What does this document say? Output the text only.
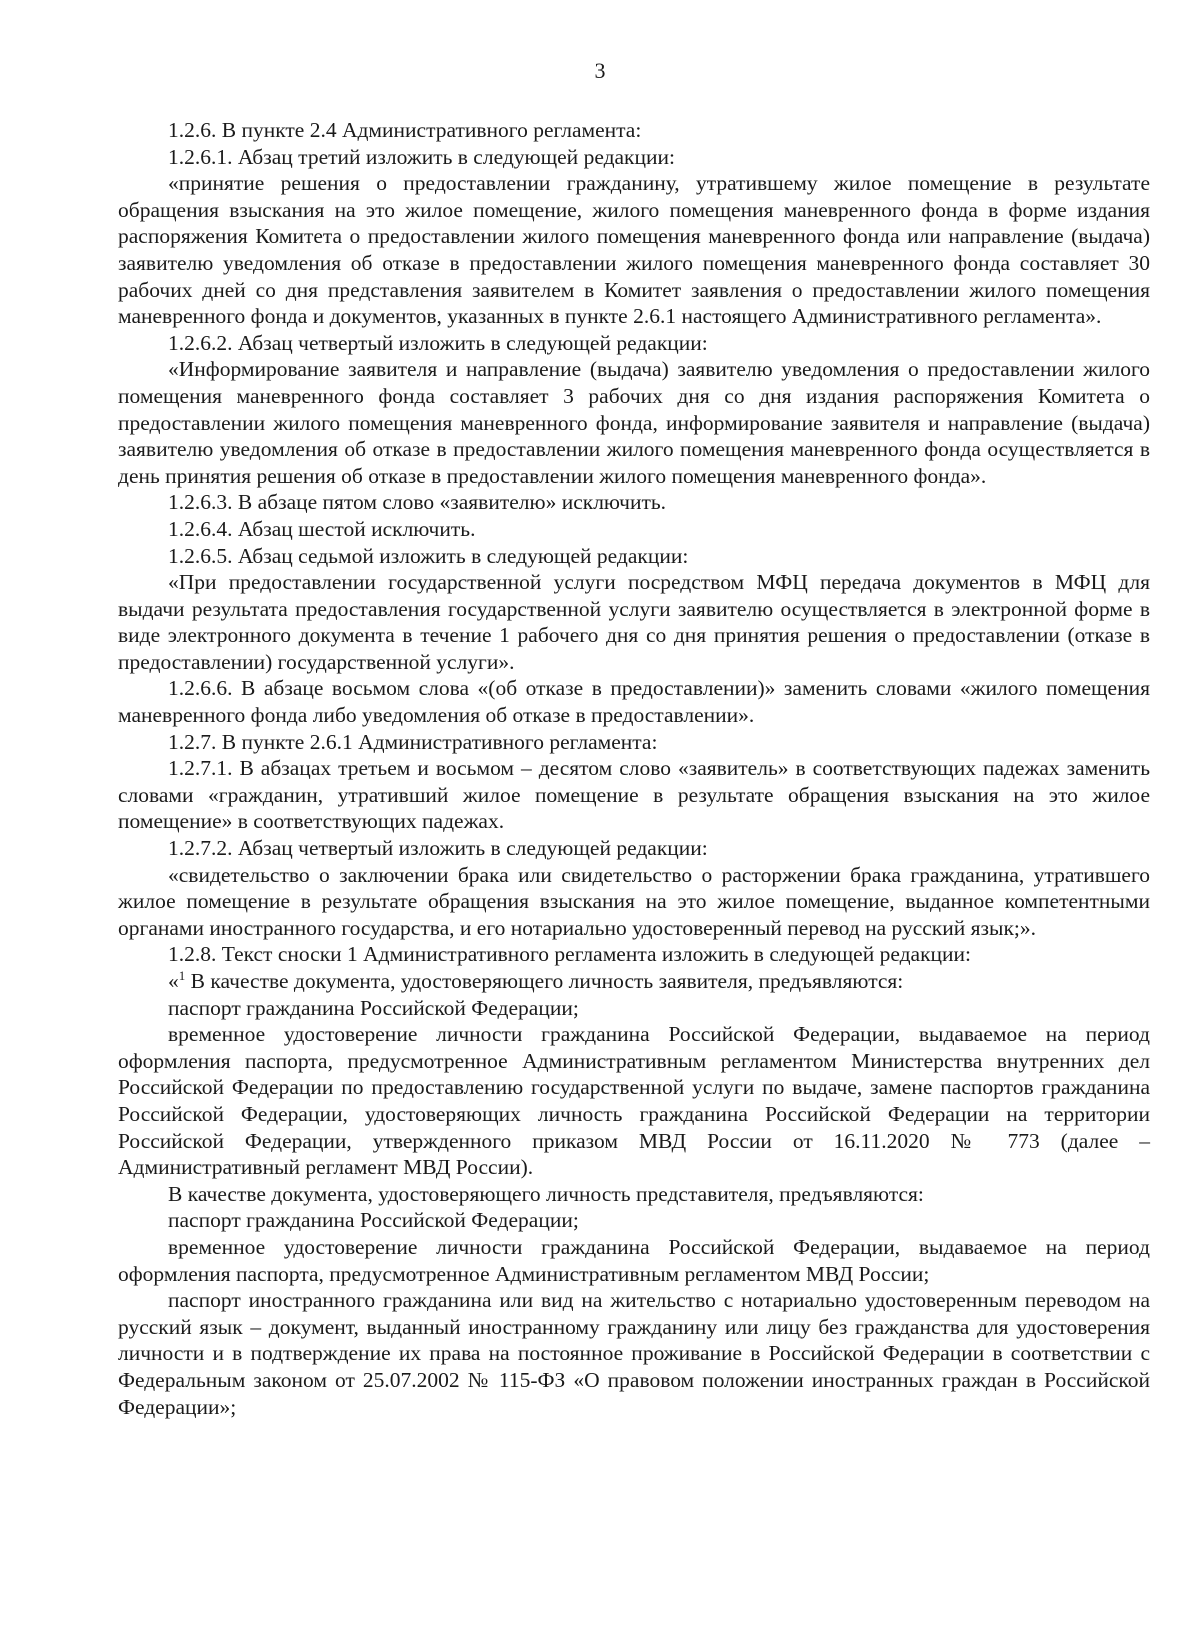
3

1.2.6. В пункте 2.4 Административного регламента:

1.2.6.1. Абзац третий изложить в следующей редакции:

«принятие решения о предоставлении гражданину, утратившему жилое помещение в результате обращения взыскания на это жилое помещение, жилого помещения маневренного фонда в форме издания распоряжения Комитета о предоставлении жилого помещения маневренного фонда или направление (выдача) заявителю уведомления об отказе в предоставлении жилого помещения маневренного фонда составляет 30 рабочих дней со дня представления заявителем в Комитет заявления о предоставлении жилого помещения маневренного фонда и документов, указанных в пункте 2.6.1 настоящего Административного регламента».

1.2.6.2. Абзац четвертый изложить в следующей редакции:

«Информирование заявителя и направление (выдача) заявителю уведомления о предоставлении жилого помещения маневренного фонда составляет 3 рабочих дня со дня издания распоряжения Комитета о предоставлении жилого помещения маневренного фонда, информирование заявителя и направление (выдача) заявителю уведомления об отказе в предоставлении жилого помещения маневренного фонда осуществляется в день принятия решения об отказе в предоставлении жилого помещения маневренного фонда».

1.2.6.3. В абзаце пятом слово «заявителю» исключить.

1.2.6.4. Абзац шестой исключить.

1.2.6.5. Абзац седьмой изложить в следующей редакции:

«При предоставлении государственной услуги посредством МФЦ передача документов в МФЦ для выдачи результата предоставления государственной услуги заявителю осуществляется в электронной форме в виде электронного документа в течение 1 рабочего дня со дня принятия решения о предоставлении (отказе в предоставлении) государственной услуги».

1.2.6.6. В абзаце восьмом слова «(об отказе в предоставлении)» заменить словами «жилого помещения маневренного фонда либо уведомления об отказе в предоставлении».

1.2.7. В пункте 2.6.1 Административного регламента:

1.2.7.1. В абзацах третьем и восьмом – десятом слово «заявитель» в соответствующих падежах заменить словами «гражданин, утративший жилое помещение в результате обращения взыскания на это жилое помещение» в соответствующих падежах.

1.2.7.2. Абзац четвертый изложить в следующей редакции:

«свидетельство о заключении брака или свидетельство о расторжении брака гражданина, утратившего жилое помещение в результате обращения взыскания на это жилое помещение, выданное компетентными органами иностранного государства, и его нотариально удостоверенный перевод на русский язык;».

1.2.8. Текст сноски 1 Административного регламента изложить в следующей редакции:

«$^1$ В качестве документа, удостоверяющего личность заявителя, предъявляются:

паспорт гражданина Российской Федерации;

временное удостоверение личности гражданина Российской Федерации, выдаваемое на период оформления паспорта, предусмотренное Административным регламентом Министерства внутренних дел Российской Федерации по предоставлению государственной услуги по выдаче, замене паспортов гражданина Российской Федерации, удостоверяющих личность гражданина Российской Федерации на территории Российской Федерации, утвержденного приказом МВД России от 16.11.2020 № 773 (далее – Административный регламент МВД России).

В качестве документа, удостоверяющего личность представителя, предъявляются:

паспорт гражданина Российской Федерации;

временное удостоверение личности гражданина Российской Федерации, выдаваемое на период оформления паспорта, предусмотренное Административным регламентом МВД России;

паспорт иностранного гражданина или вид на жительство с нотариально удостоверенным переводом на русский язык – документ, выданный иностранному гражданину или лицу без гражданства для удостоверения личности и в подтверждение их права на постоянное проживание в Российской Федерации в соответствии с Федеральным законом от 25.07.2002 № 115-ФЗ «О правовом положении иностранных граждан в Российской Федерации»;
